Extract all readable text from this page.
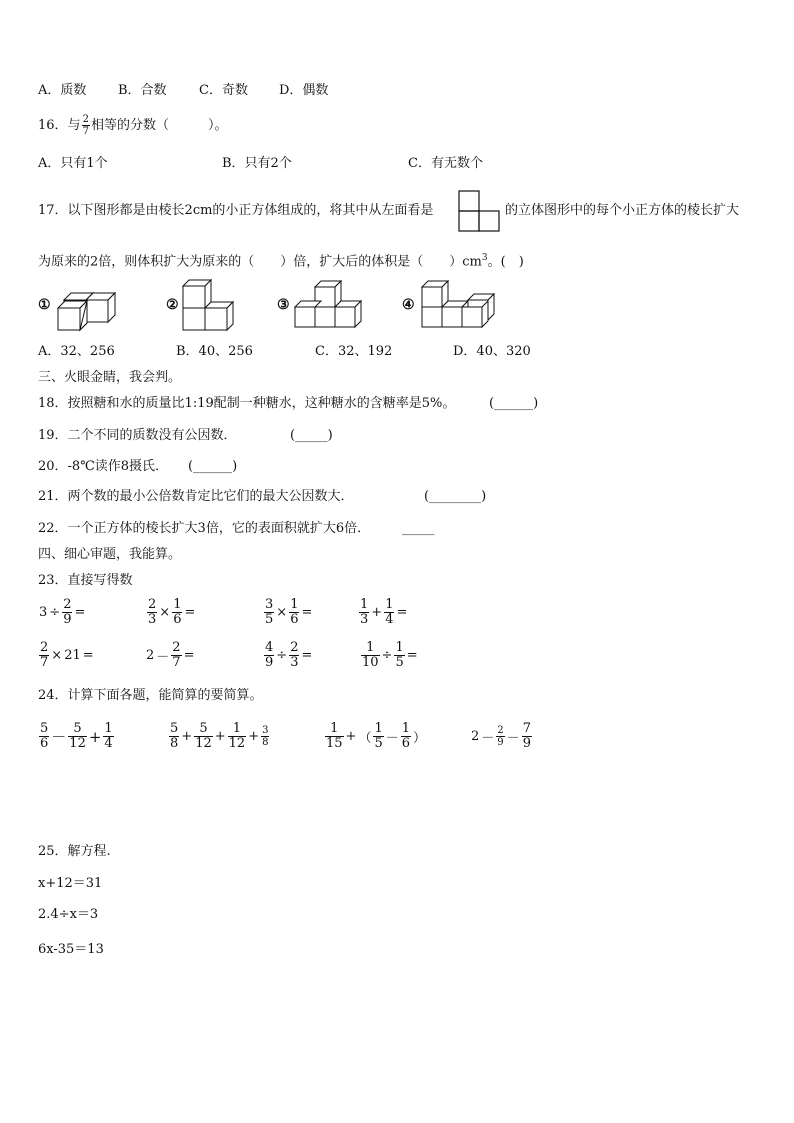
A．质数 B．合数 C．奇数 D．偶数
16．与 $\frac{2}{7}$ 相等的分数（　　　）。
A．只有1个	B．只有2个	C．有无数个
17．以下图形都是由棱长2cm的小正方体组成的，将其中从左面看是	的立体图形中的每个小正方体的棱长扩大
为原来的2倍，则体积扩大为原来的（　　）倍，扩大后的体积是（　　）$cm^3$。(　)
①	②	③	④
A．32、256	B．40、256	C．32、192	D．40、320
三、火眼金睛，我会判。
18．按照糖和水的质量比1:19配制一种糖水，这种糖水的含糖率是5%。	(______)
19．二个不同的质数没有公因数．	(_____)
20．-8℃读作8摄氏． (______)
21．两个数的最小公倍数肯定比它们的最大公因数大．	(________)
22．一个正方体的棱长扩大3倍，它的表面积就扩大6倍． _____
四、细心审题，我能算。
23．直接写得数
$3 \div \frac{2}{9}$ =	$\frac{2}{3} \times \frac{1}{6}$ =	$\frac{3}{5} \times \frac{1}{6}$ =	$\frac{1}{3} + \frac{1}{4}$ =
$\frac{2}{7} \times 21$ =	$2 - \frac{2}{7}$ =	$\frac{4}{9} \div \frac{2}{3}$ =	$\frac{1}{10} \div \frac{1}{5}$ =
24．计算下面各题，能简算的要简算。
$\frac{5}{6} - \frac{5}{12} + \frac{1}{4}$	$\frac{5}{8} + \frac{5}{12} + \frac{1}{12} + \frac{3}{8}$	$\frac{1}{15}$ + （ $\frac{1}{5} - \frac{1}{6}$ ）	$2 - \frac{2}{9} - \frac{7}{9}$
25．解方程.
x+12＝31
2.4÷x＝3
6x-35＝13
